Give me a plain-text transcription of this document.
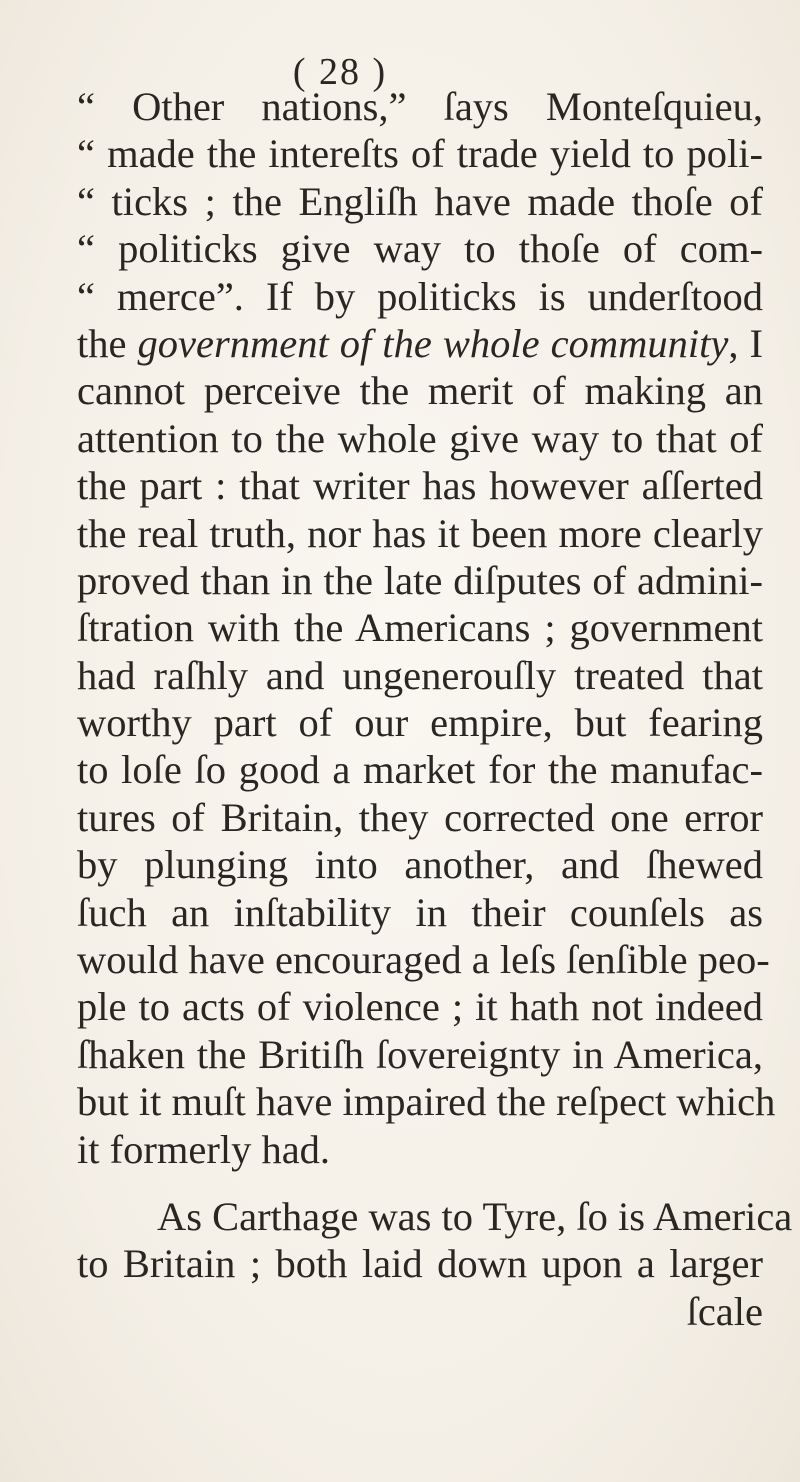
( 28 )
“ Other nations,” ſays Monteſquieu,
“ made the intereſts of trade yield to poli-
“ ticks ; the Engliſh have made thoſe of
“ politicks give way to thoſe of com-
“ merce”. If by politicks is underſtood
the government of the whole community, I
cannot perceive the merit of making an
attention to the whole give way to that of
the part : that writer has however aſſerted
the real truth, nor has it been more clearly
proved than in the late diſputes of admini-
ſtration with the Americans ; government
had raſhly and ungenerouſly treated that
worthy part of our empire, but fearing
to loſe ſo good a market for the manufac-
tures of Britain, they corrected one error
by plunging into another, and ſhewed
ſuch an inſtability in their counſels as
would have encouraged a leſs ſenſible peo-
ple to acts of violence ; it hath not indeed
ſhaken the Britiſh ſovereignty in America,
but it muſt have impaired the reſpect which
it formerly had.
As Carthage was to Tyre, ſo is America
to Britain ; both laid down upon a larger
ſcale
